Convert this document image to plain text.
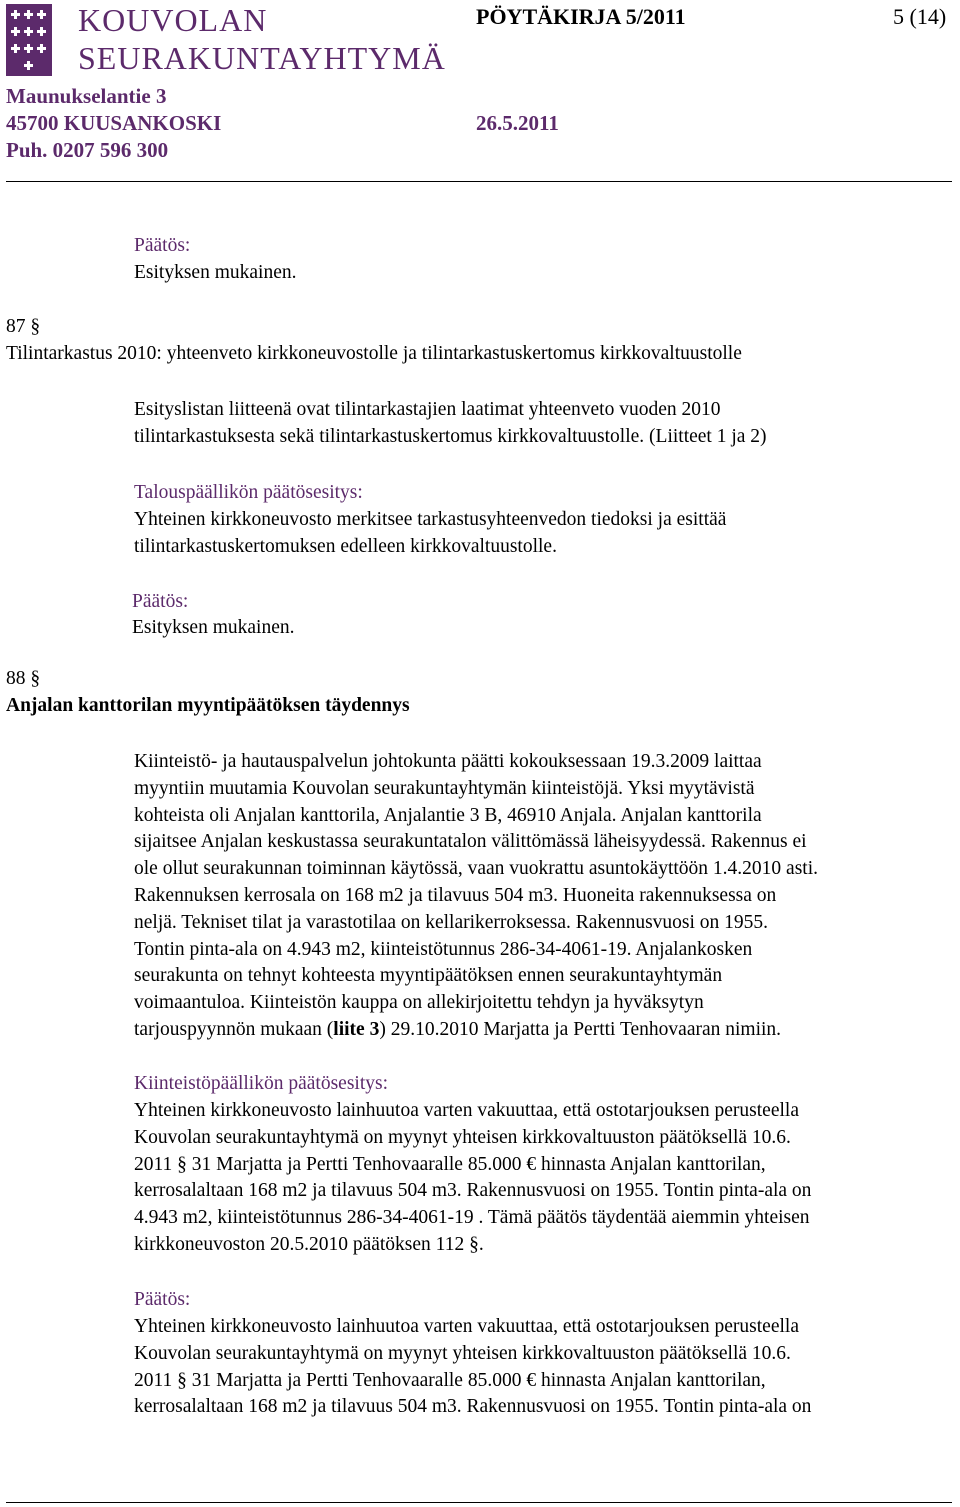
KOUVOLAN
SEURAKUNTAYHTYMÄ
PÖYTÄKIRJA 5/2011	5 (14)
Maunukselantie 3
45700 KUUSANKOSKI
Puh. 0207 596 300
26.5.2011
Päätös:
Esityksen mukainen.
87 §
Tilintarkastus 2010: yhteenveto kirkkoneuvostolle ja tilintarkastuskertomus kirkkovaltuustolle
Esityslistan liitteenä ovat tilintarkastajien laatimat yhteenveto vuoden 2010
tilintarkastuksesta sekä tilintarkastuskertomus kirkkovaltuustolle. (Liitteet 1 ja 2)
Talouspäällikön päätösesitys:
Yhteinen kirkkoneuvosto merkitsee tarkastusyhteenvedon tiedoksi ja esittää
tilintarkastuskertomuksen edelleen kirkkovaltuustolle.
Päätös:
Esityksen mukainen.
88 §
Anjalan kanttorilan myyntipäätöksen täydennys
Kiinteistö- ja hautauspalvelun johtokunta päätti kokouksessaan 19.3.2009 laittaa
myyntiin muutamia Kouvolan seurakuntayhtymän kiinteistöjä. Yksi myytävistä
kohteista oli Anjalan kanttorila, Anjalantie 3 B, 46910 Anjala. Anjalan kanttorila
sijaitsee Anjalan keskustassa seurakuntatalon välittömässä läheisyydessä. Rakennus ei
ole ollut seurakunnan toiminnan käytössä, vaan vuokrattu asuntokäyttöön 1.4.2010 asti.
Rakennuksen kerrosala on 168 m2 ja tilavuus 504 m3. Huoneita rakennuksessa on
neljä. Tekniset tilat ja varastotilaa on kellarikerroksessa. Rakennusvuosi on 1955.
Tontin pinta-ala on 4.943 m2, kiinteistötunnus 286-34-4061-19. Anjalankosken
seurakunta on tehnyt kohteesta myyntipäätöksen ennen seurakuntayhtymän
voimaantuloa. Kiinteistön kauppa on allekirjoitettu tehdyn ja hyväksytyn
tarjouspyynnön mukaan (liite 3) 29.10.2010 Marjatta ja Pertti Tenhovaaran nimiin.
Kiinteistöpäällikön päätösesitys:
Yhteinen kirkkoneuvosto lainhuutoa varten vakuuttaa, että ostotarjouksen perusteella
Kouvolan seurakuntayhtymä on myynyt yhteisen kirkkovaltuuston päätöksellä 10.6.
2011 § 31 Marjatta ja Pertti Tenhovaaralle 85.000 € hinnasta Anjalan kanttorilan,
kerrosalaltaan 168 m2 ja tilavuus 504 m3. Rakennusvuosi on 1955. Tontin pinta-ala on
4.943 m2, kiinteistötunnus 286-34-4061-19 . Tämä päätös täydentää aiemmin yhteisen
kirkkoneuvoston 20.5.2010 päätöksen 112 §.
Päätös:
Yhteinen kirkkoneuvosto lainhuutoa varten vakuuttaa, että ostotarjouksen perusteella
Kouvolan seurakuntayhtymä on myynyt yhteisen kirkkovaltuuston päätöksellä 10.6.
2011 § 31 Marjatta ja Pertti Tenhovaaralle 85.000 € hinnasta Anjalan kanttorilan,
kerrosalaltaan 168 m2 ja tilavuus 504 m3. Rakennusvuosi on 1955. Tontin pinta-ala on
